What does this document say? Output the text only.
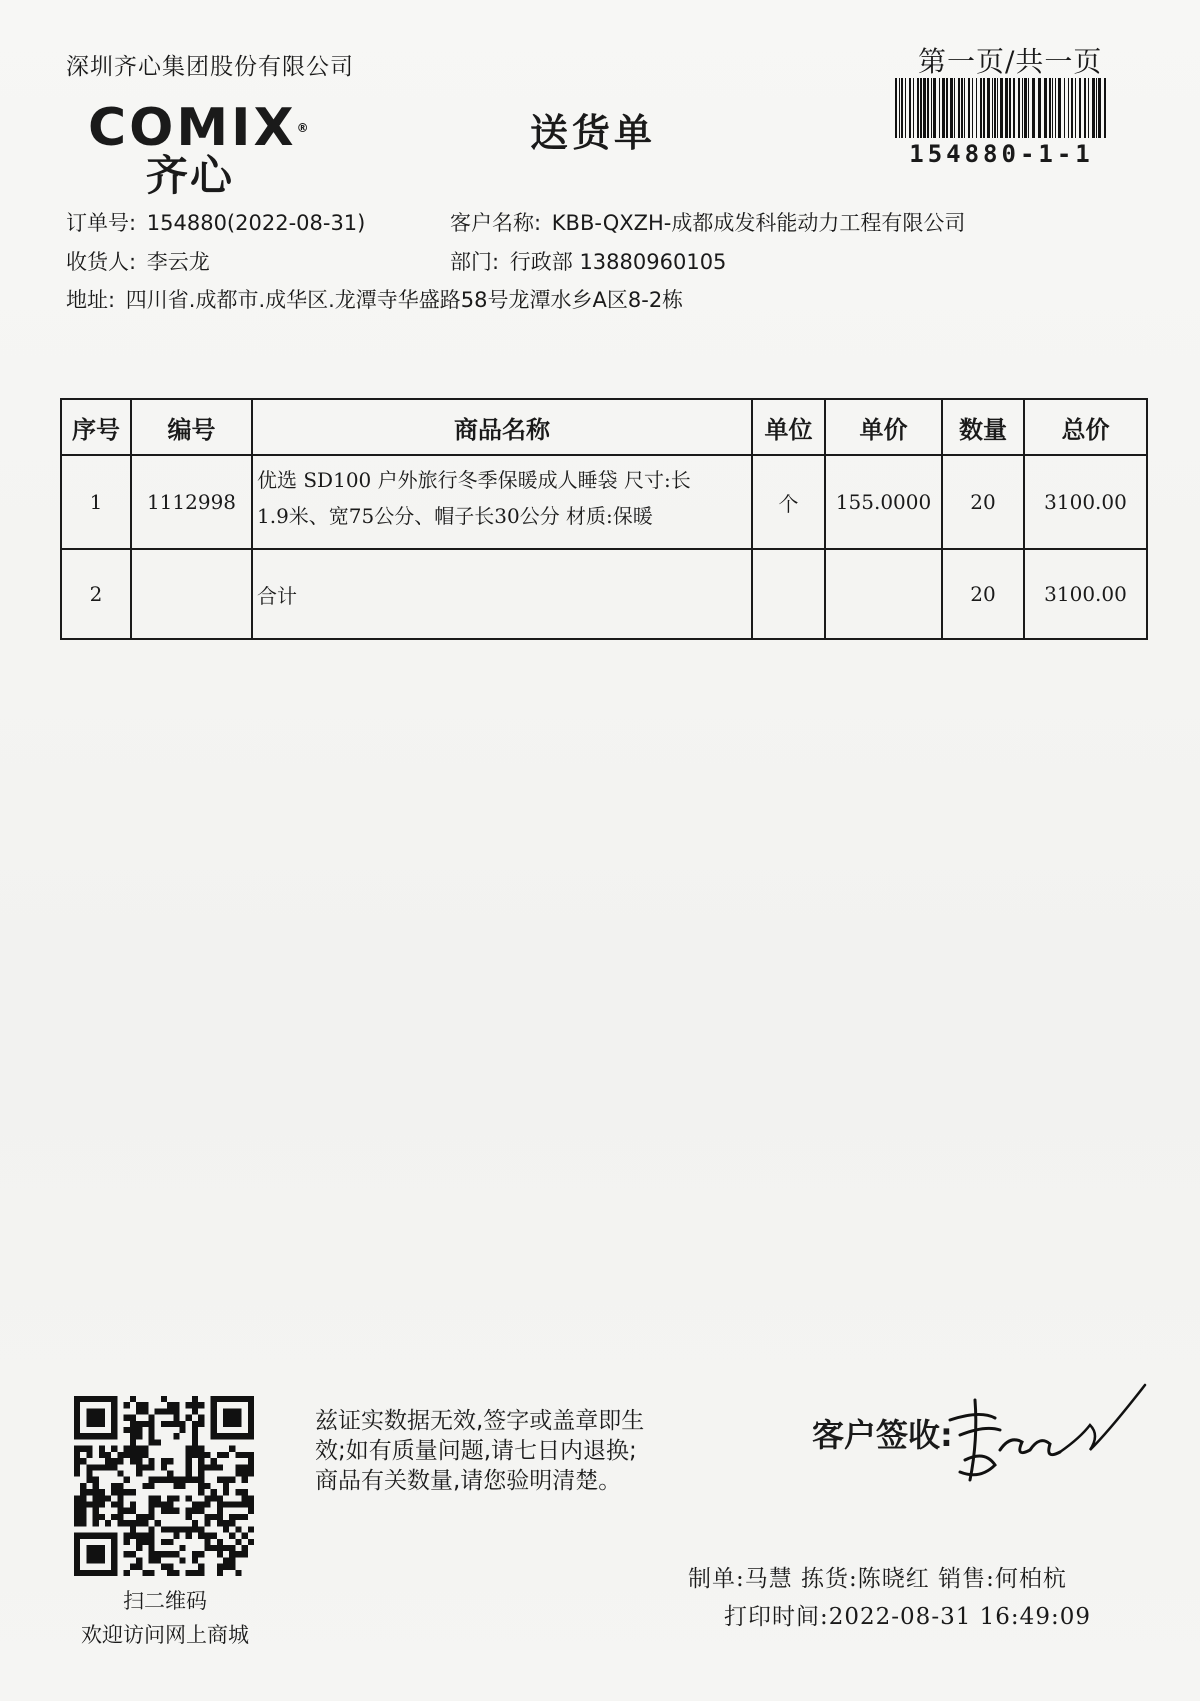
深圳齐心集团股份有限公司	第一页/共一页
COMIX®
齐心
送货单	154880-1-1
订单号: 154880(2022-08-31)	客户名称: KBB-QXZH-成都成发科能动力工程有限公司
收货人: 李云龙	部门: 行政部 13880960105
地址: 四川省.成都市.成华区.龙潭寺华盛路58号龙潭水乡A区8-2栋
序号	编号	商品名称	单位	单价	数量	总价
1	1112998	优选 SD100 户外旅行冬季保暖成人睡袋 尺寸:长
1.9米、宽75公分、帽子长30公分 材质:保暖	个	155.0000	20	3100.00
2		合计			20	3100.00
扫二维码
欢迎访问网上商城
兹证实数据无效,签字或盖章即生
效;如有质量问题,请七日内退换;
商品有关数量,请您验明清楚。
客户签收:
制单:马慧 拣货:陈晓红 销售:何柏杭
打印时间:2022-08-31 16:49:09
